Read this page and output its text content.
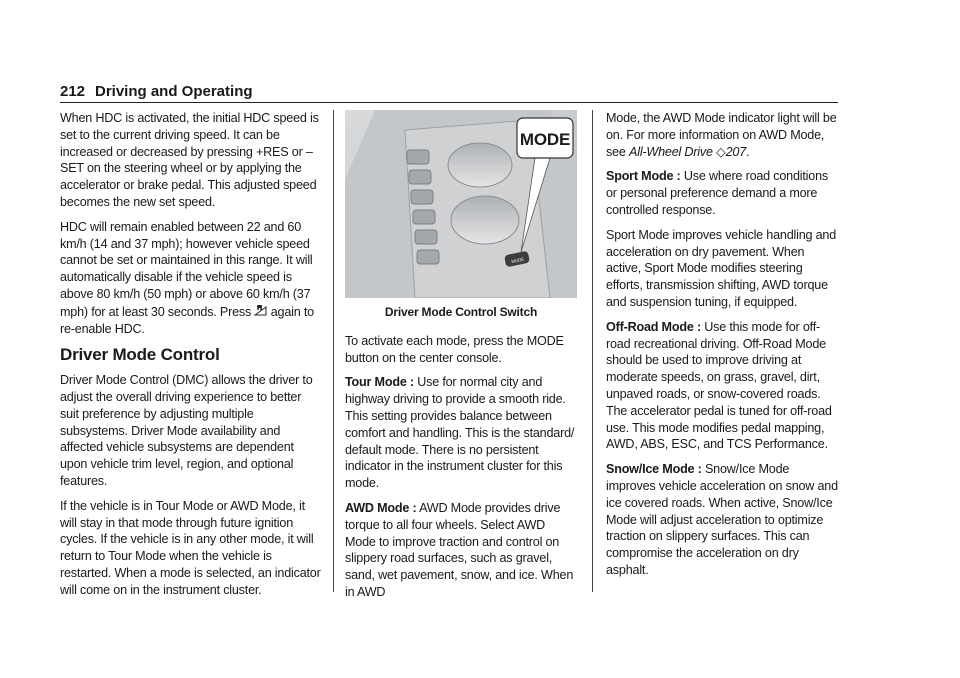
212 Driving and Operating

When HDC is activated, the initial HDC speed is set to the current driving speed. It can be increased or decreased by pressing +RES or –SET on the steering wheel or by applying the accelerator or brake pedal. This adjusted speed becomes the new set speed.

HDC will remain enabled between 22 and 60 km/h (14 and 37 mph); however vehicle speed cannot be set or maintained in this range. It will automatically disable if the vehicle speed is above 80 km/h (50 mph) or above 60 km/h (37 mph) for at least 30 seconds. Press again to re-enable HDC.

Driver Mode Control

Driver Mode Control (DMC) allows the driver to adjust the overall driving experience to better suit preference by adjusting multiple subsystems. Driver Mode availability and affected vehicle subsystems are dependent upon vehicle trim level, region, and optional features.

If the vehicle is in Tour Mode or AWD Mode, it will stay in that mode through future ignition cycles. If the vehicle is in any other mode, it will return to Tour Mode when the vehicle is restarted. When a mode is selected, an indicator will come on in the instrument cluster.

MODE
MODE
Driver Mode Control Switch

To activate each mode, press the MODE button on the center console.

Tour Mode : Use for normal city and highway driving to provide a smooth ride. This setting provides balance between comfort and handling. This is the standard/ default mode. There is no persistent indicator in the instrument cluster for this mode.

AWD Mode : AWD Mode provides drive torque to all four wheels. Select AWD Mode to improve traction and control on slippery road surfaces, such as gravel, sand, wet pavement, snow, and ice. When in AWD

Mode, the AWD Mode indicator light will be on. For more information on AWD Mode, see All-Wheel Drive ◇207.

Sport Mode : Use where road conditions or personal preference demand a more controlled response.

Sport Mode improves vehicle handling and acceleration on dry pavement. When active, Sport Mode modifies steering efforts, transmission shifting, AWD torque and suspension tuning, if equipped.

Off-Road Mode : Use this mode for off-road recreational driving. Off-Road Mode should be used to improve driving at moderate speeds, on grass, gravel, dirt, unpaved roads, or snow-covered roads. The accelerator pedal is tuned for off-road use. This mode modifies pedal mapping, AWD, ABS, ESC, and TCS Performance.

Snow/Ice Mode : Snow/Ice Mode improves vehicle acceleration on snow and ice covered roads. When active, Snow/Ice Mode will adjust acceleration to optimize traction on slippery surfaces. This can compromise the acceleration on dry asphalt.
